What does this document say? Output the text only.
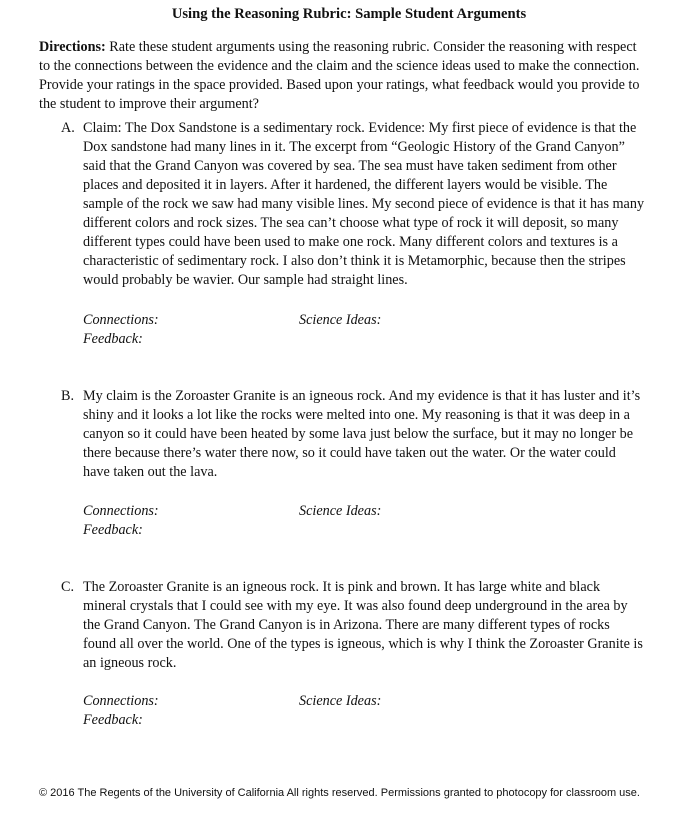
Using the Reasoning Rubric: Sample Student Arguments
Directions: Rate these student arguments using the reasoning rubric. Consider the reasoning with respect to the connections between the evidence and the claim and the science ideas used to make the connection. Provide your ratings in the space provided. Based upon your ratings, what feedback would you provide to the student to improve their argument?
A. Claim: The Dox Sandstone is a sedimentary rock. Evidence: My first piece of evidence is that the Dox sandstone had many lines in it. The excerpt from “Geologic History of the Grand Canyon” said that the Grand Canyon was covered by sea. The sea must have taken sediment from other places and deposited it in layers. After it hardened, the different layers would be visible. The sample of the rock we saw had many visible lines. My second piece of evidence is that it has many different colors and rock sizes. The sea can’t choose what type of rock it will deposit, so many different types could have been used to make one rock. Many different colors and textures is a characteristic of sedimentary rock. I also don’t think it is Metamorphic, because then the stripes would probably be wavier. Our sample had straight lines.
Connections:	Science Ideas:
Feedback:
B. My claim is the Zoroaster Granite is an igneous rock. And my evidence is that it has luster and it’s shiny and it looks a lot like the rocks were melted into one. My reasoning is that it was deep in a canyon so it could have been heated by some lava just below the surface, but it may no longer be there because there’s water there now, so it could have taken out the water. Or the water could have taken out the lava.
Connections:	Science Ideas:
Feedback:
C. The Zoroaster Granite is an igneous rock. It is pink and brown. It has large white and black mineral crystals that I could see with my eye. It was also found deep underground in the area by the Grand Canyon. The Grand Canyon is in Arizona. There are many different types of rocks found all over the world. One of the types is igneous, which is why I think the Zoroaster Granite is an igneous rock.
Connections:	Science Ideas:
Feedback:
© 2016 The Regents of the University of California All rights reserved. Permissions granted to photocopy for classroom use.
